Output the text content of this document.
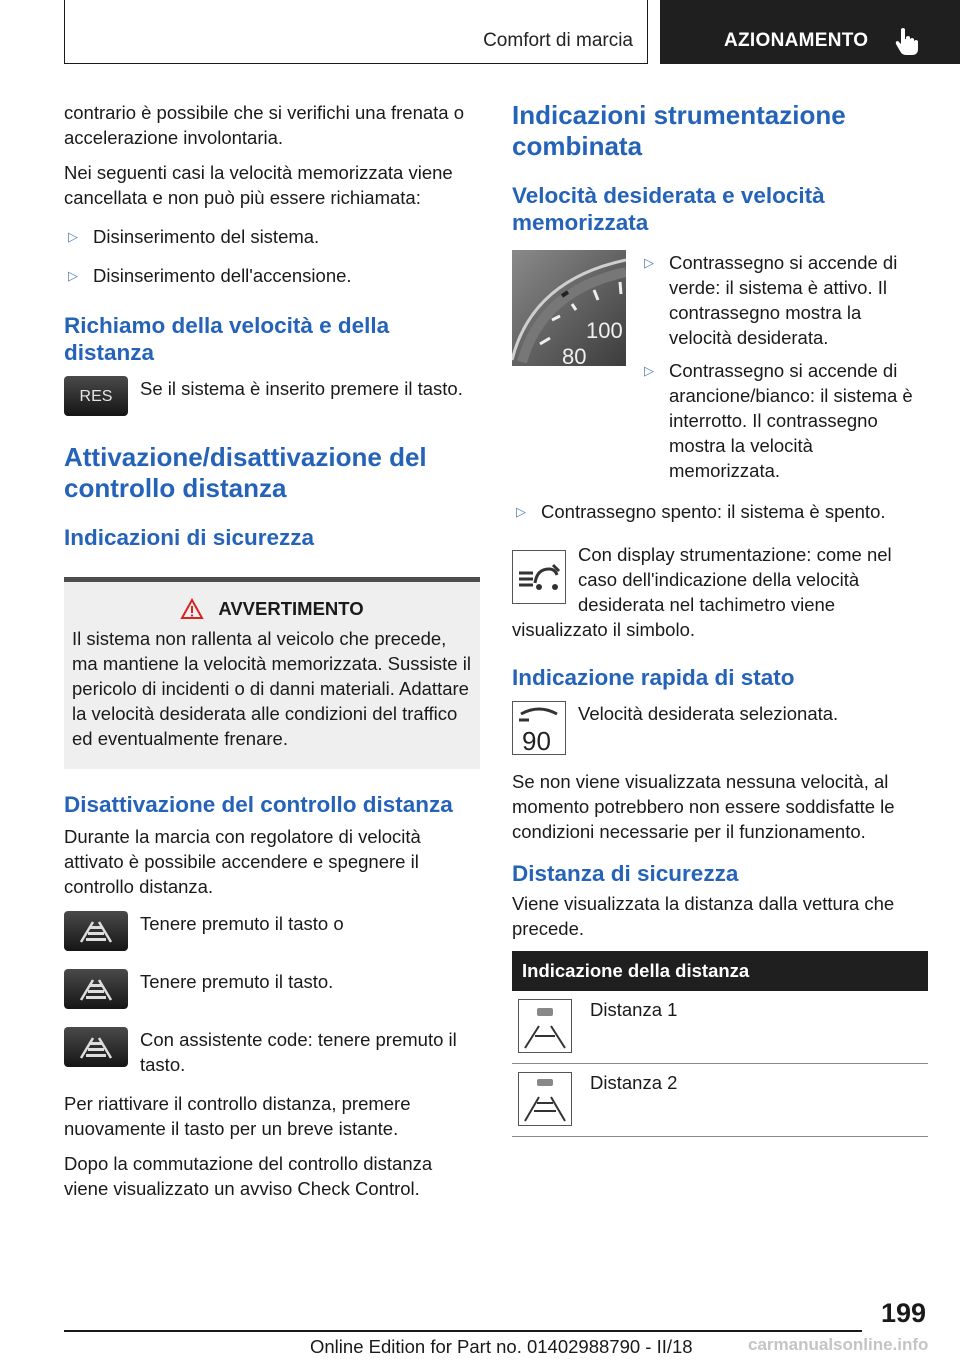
Comfort di marcia	AZIONAMENTO

contrario è possibile che si verifichi una frenata o accelerazione involontaria.

Nei seguenti casi la velocità memorizzata viene cancellata e non può più essere richiamata:

▷ Disinserimento del sistema.
▷ Disinserimento dell'accensione.
Richiamo della velocità e della distanza
RES Se il sistema è inserito premere il tasto.
Attivazione/disattivazione del controllo distanza
Indicazioni di sicurezza
AVVERTIMENTO

Il sistema non rallenta al veicolo che precede, ma mantiene la velocità memorizzata. Sussiste il pericolo di incidenti o di danni materiali. Adattare la velocità desiderata alle condizioni del traffico ed eventualmente frenare.

Disattivazione del controllo distanza

Durante la marcia con regolatore di velocità attivato è possibile accendere e spegnere il controllo distanza.

Tenere premuto il tasto o
Tenere premuto il tasto.
Con assistente code: tenere premuto il tasto.

Per riattivare il controllo distanza, premere nuovamente il tasto per un breve istante.

Dopo la commutazione del controllo distanza viene visualizzato un avviso Check Control.

Indicazioni strumentazione combinata
Velocità desiderata e velocità memorizzata
100
80
▷ Contrassegno si accende di verde: il sistema è attivo. Il contrassegno mostra la velocità desiderata.
▷ Contrassegno si accende di arancione/bianco: il sistema è interrotto. Il contrassegno mostra la velocità memorizzata.
▷ Contrassegno spento: il sistema è spento.
Con display strumentazione: come nel caso dell'indicazione della velocità desiderata nel tachimetro viene visualizzato il simbolo.
Indicazione rapida di stato
90
Velocità desiderata selezionata.

Se non viene visualizzata nessuna velocità, al momento potrebbero non essere soddisfatte le condizioni necessarie per il funzionamento.

Distanza di sicurezza

Viene visualizzata la distanza dalla vettura che precede.

Indicazione della distanza	

	Distanza 1

	Distanza 2
199
Online Edition for Part no. 01402988790 - II/18	carmanualsonline.info
